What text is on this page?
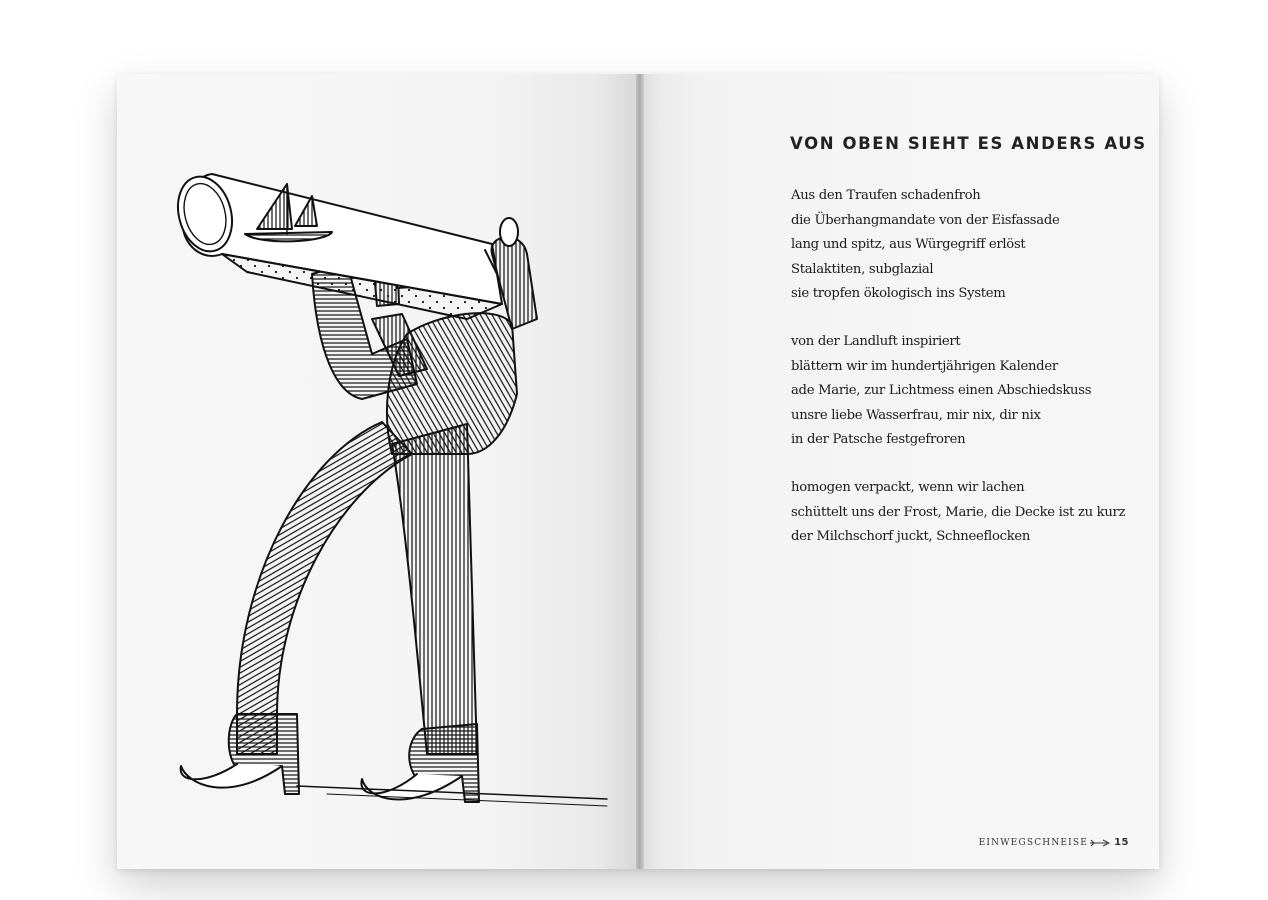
VON OBEN SIEHT ES ANDERS AUS
Aus den Traufen schadenfroh
die Überhangmandate von der Eisfassade
lang und spitz, aus Würgegriff erlöst
Stalaktiten, subglazial
sie tropfen ökologisch ins System
von der Landluft inspiriert
blättern wir im hundertjährigen Kalender
ade Marie, zur Lichtmess einen Abschiedskuss
unsre liebe Wasserfrau, mir nix, dir nix
in der Patsche festgefroren
homogen verpackt, wenn wir lachen
schüttelt uns der Frost, Marie, die Decke ist zu kurz
der Milchschorf juckt, Schneeflocken
EINWEGSCHNEISE	15
